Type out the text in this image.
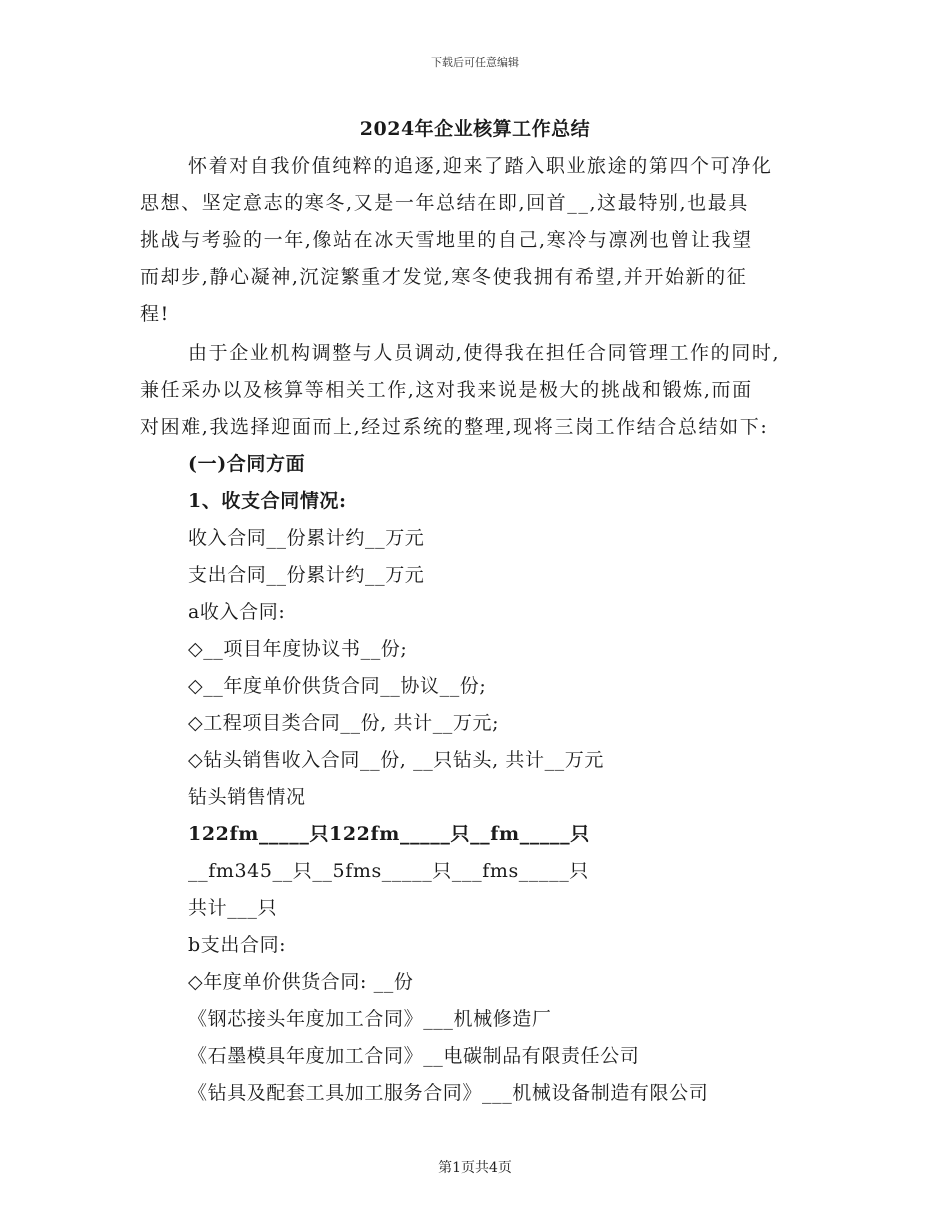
下载后可任意编辑
2024年企业核算工作总结
怀着对自我价值纯粹的追逐,迎来了踏入职业旅途的第四个可净化
思想、坚定意志的寒冬,又是一年总结在即,回首__,这最特别,也最具
挑战与考验的一年,像站在冰天雪地里的自己,寒冷与凛冽也曾让我望
而却步,静心凝神,沉淀繁重才发觉,寒冬使我拥有希望,并开始新的征
程!
由于企业机构调整与人员调动,使得我在担任合同管理工作的同时,
兼任采办以及核算等相关工作,这对我来说是极大的挑战和锻炼,而面
对困难,我选择迎面而上,经过系统的整理,现将三岗工作结合总结如下:
(一)合同方面
1、收支合同情况:
收入合同__份累计约__万元
支出合同__份累计约__万元
a收入合同:
◇__项目年度协议书__份;
◇__年度单价供货合同__协议__份;
◇工程项目类合同__份, 共计__万元;
◇钻头销售收入合同__份, __只钻头, 共计__万元
钻头销售情况
122fm_____只122fm_____只__fm_____只
__fm345__只__5fms_____只___fms_____只
共计___只
b支出合同:
◇年度单价供货合同: __份
《钢芯接头年度加工合同》___机械修造厂
《石墨模具年度加工合同》__电碳制品有限责任公司
《钻具及配套工具加工服务合同》___机械设备制造有限公司
第1页共4页
